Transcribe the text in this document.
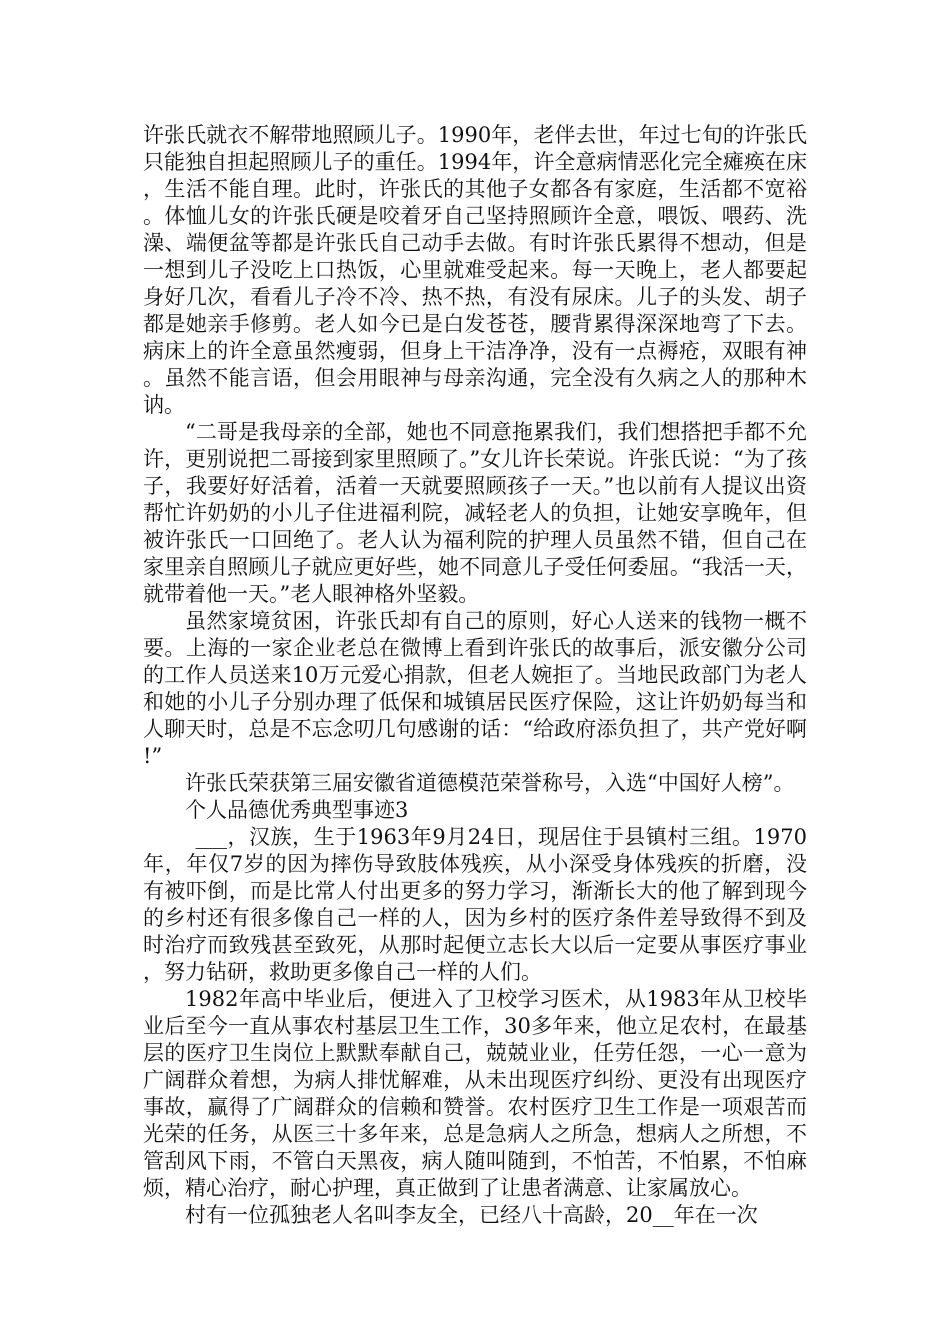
许张氏就衣不解带地照顾儿子。1990年，老伴去世，年过七旬的许张氏只能独自担起照顾儿子的重任。1994年，许全意病情恶化完全瘫痪在床，生活不能自理。此时，许张氏的其他子女都各有家庭，生活都不宽裕。体恤儿女的许张氏硬是咬着牙自己坚持照顾许全意，喂饭、喂药、洗澡、端便盆等都是许张氏自己动手去做。有时许张氏累得不想动，但是一想到儿子没吃上口热饭，心里就难受起来。每一天晚上，老人都要起身好几次，看看儿子冷不冷、热不热，有没有尿床。儿子的头发、胡子都是她亲手修剪。老人如今已是白发苍苍，腰背累得深深地弯了下去。病床上的许全意虽然瘦弱，但身上干洁净净，没有一点褥疮，双眼有神。虽然不能言语，但会用眼神与母亲沟通，完全没有久病之人的那种木讷。

“二哥是我母亲的全部，她也不同意拖累我们，我们想搭把手都不允许，更别说把二哥接到家里照顾了。”女儿许长荣说。许张氏说：“为了孩子，我要好好活着，活着一天就要照顾孩子一天。”也以前有人提议出资帮忙许奶奶的小儿子住进福利院，减轻老人的负担，让她安享晚年，但被许张氏一口回绝了。老人认为福利院的护理人员虽然不错，但自己在家里亲自照顾儿子就应更好些，她不同意儿子受任何委屈。“我活一天，就带着他一天。”老人眼神格外坚毅。

虽然家境贫困，许张氏却有自己的原则，好心人送来的钱物一概不要。上海的一家企业老总在微博上看到许张氏的故事后，派安徽分公司的工作人员送来10万元爱心捐款，但老人婉拒了。当地民政部门为老人和她的小儿子分别办理了低保和城镇居民医疗保险，这让许奶奶每当和人聊天时，总是不忘念叨几句感谢的话：“给政府添负担了，共产党好啊!”

许张氏荣获第三届安徽省道德模范荣誉称号，入选“中国好人榜”。

个人品德优秀典型事迹3

___，汉族，生于1963年9月24日，现居住于县镇村三组。1970年，年仅7岁的因为摔伤导致肢体残疾，从小深受身体残疾的折磨，没有被吓倒，而是比常人付出更多的努力学习，渐渐长大的他了解到现今的乡村还有很多像自己一样的人，因为乡村的医疗条件差导致得不到及时治疗而致残甚至致死，从那时起便立志长大以后一定要从事医疗事业，努力钻研，救助更多像自己一样的人们。

1982年高中毕业后，便进入了卫校学习医术，从1983年从卫校毕业后至今一直从事农村基层卫生工作，30多年来，他立足农村，在最基层的医疗卫生岗位上默默奉献自己，兢兢业业，任劳任怨，一心一意为广阔群众着想，为病人排忧解难，从未出现医疗纠纷、更没有出现医疗事故，赢得了广阔群众的信赖和赞誉。农村医疗卫生工作是一项艰苦而光荣的任务，从医三十多年来，总是急病人之所急，想病人之所想，不管刮风下雨，不管白天黑夜，病人随叫随到，不怕苦，不怕累，不怕麻烦，精心治疗，耐心护理，真正做到了让患者满意、让家属放心。

村有一位孤独老人名叫李友全，已经八十高龄，20__年在一次
